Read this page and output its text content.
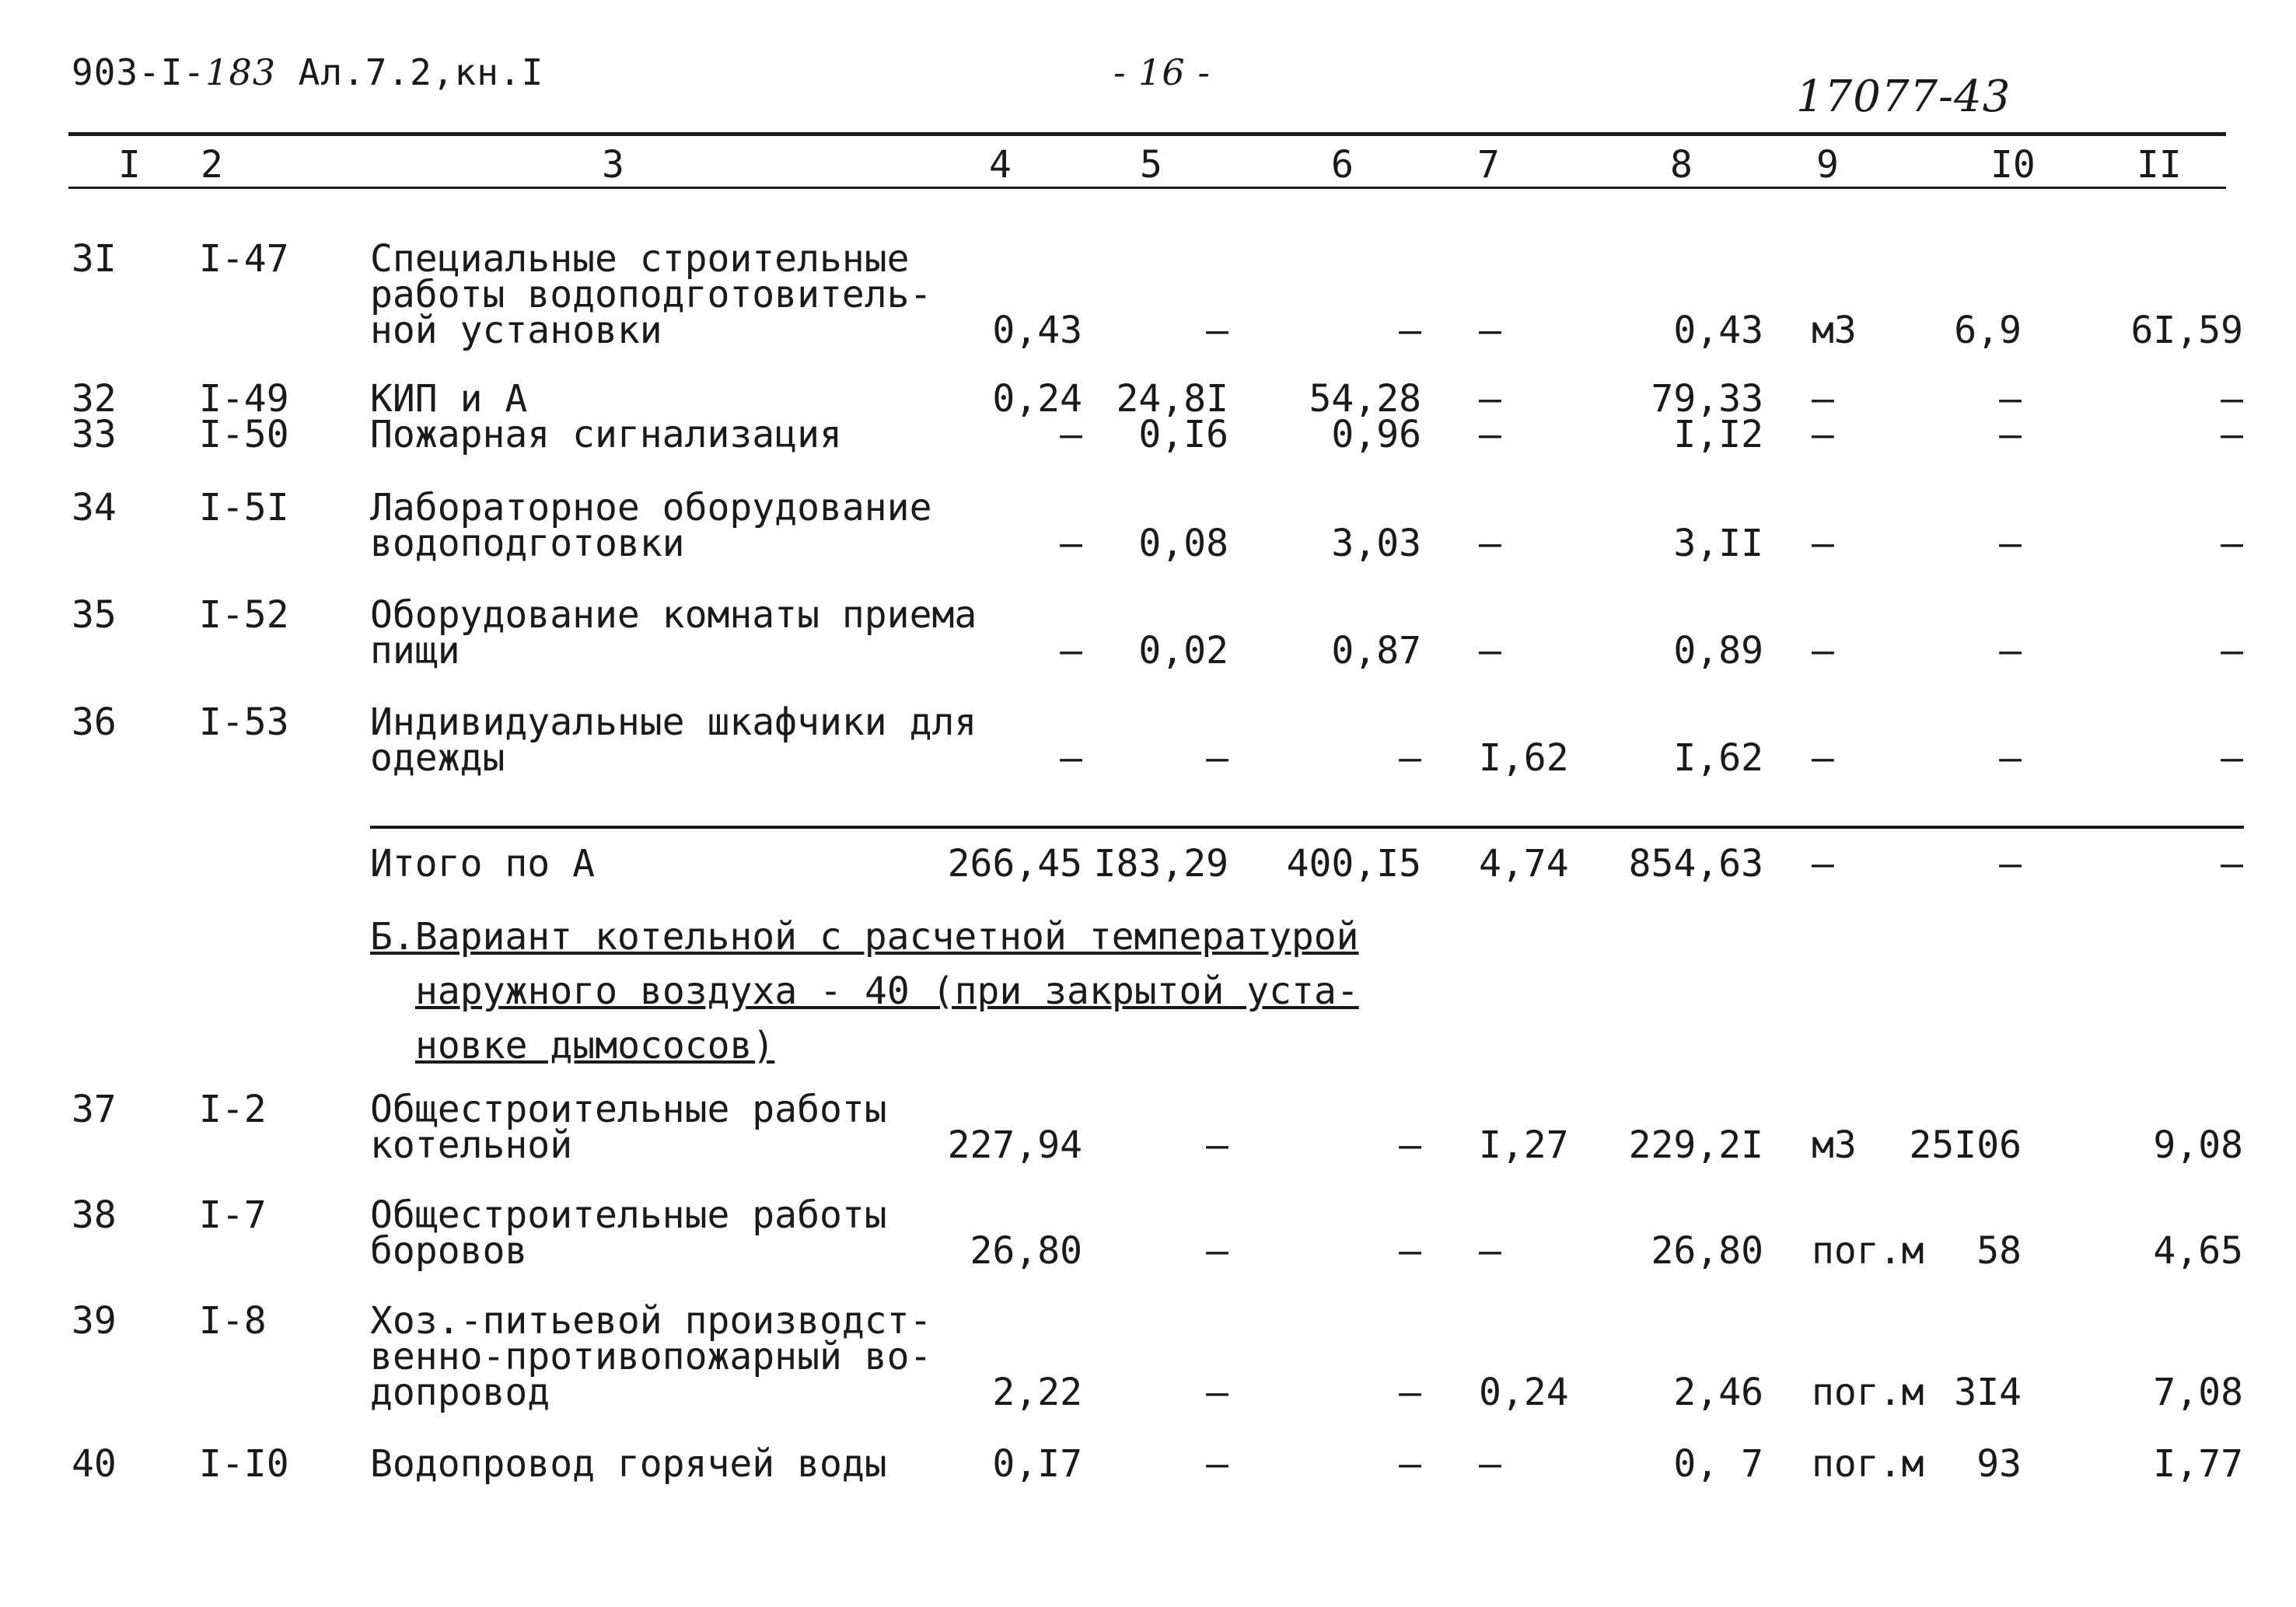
903-I-183 Ал.7.2,кн.I	- 16 -	17077-43
I 2	3	4	5	6	7	8	9	I0	II
3I I-47 Специальные строительные
работы водоподготовитель-
ной установки	0,43	–	– –	0,43 м3	6,9	6I,59
32 I-49 КИП и А	0,24 24,8I 54,28 –	79,33 –	–	–
33 I-50 Пожарная сигнализация	– 0,I6	0,96 –	I,I2 –	–	–
34 I-5I Лабораторное оборудование
водоподготовки	– 0,08	3,03 –	3,II –	–	–
35 I-52 Оборудование комнаты приема
пищи	– 0,02	0,87 –	0,89 –	–	–
36 I-53 Индивидуальные шкафчики для
одежды	–	–	– I,62	I,62 –	–	–
Итого по А	266,45 I83,29 400,I5 4,74 854,63 –	–	–
Б.Вариант котельной с расчетной температурой
наружного воздуха - 40 (при закрытой уста-
новке дымососов)
37 I-2	Общестроительные работы
котельной	227,94	–	– I,27 229,2I м3 25I06	9,08
38 I-7	Общестроительные работы
боровов	26,80	–	– –	26,80 пог.м 58	4,65
39 I-8	Хоз.-питьевой производст-
венно-противопожарный во-
допровод	2,22	–	– 0,24	2,46 пог.м 3I4	7,08
40 I-I0 Водопровод горячей воды	0,I7	–	– –	0, 7 пог.м 93	I,77
